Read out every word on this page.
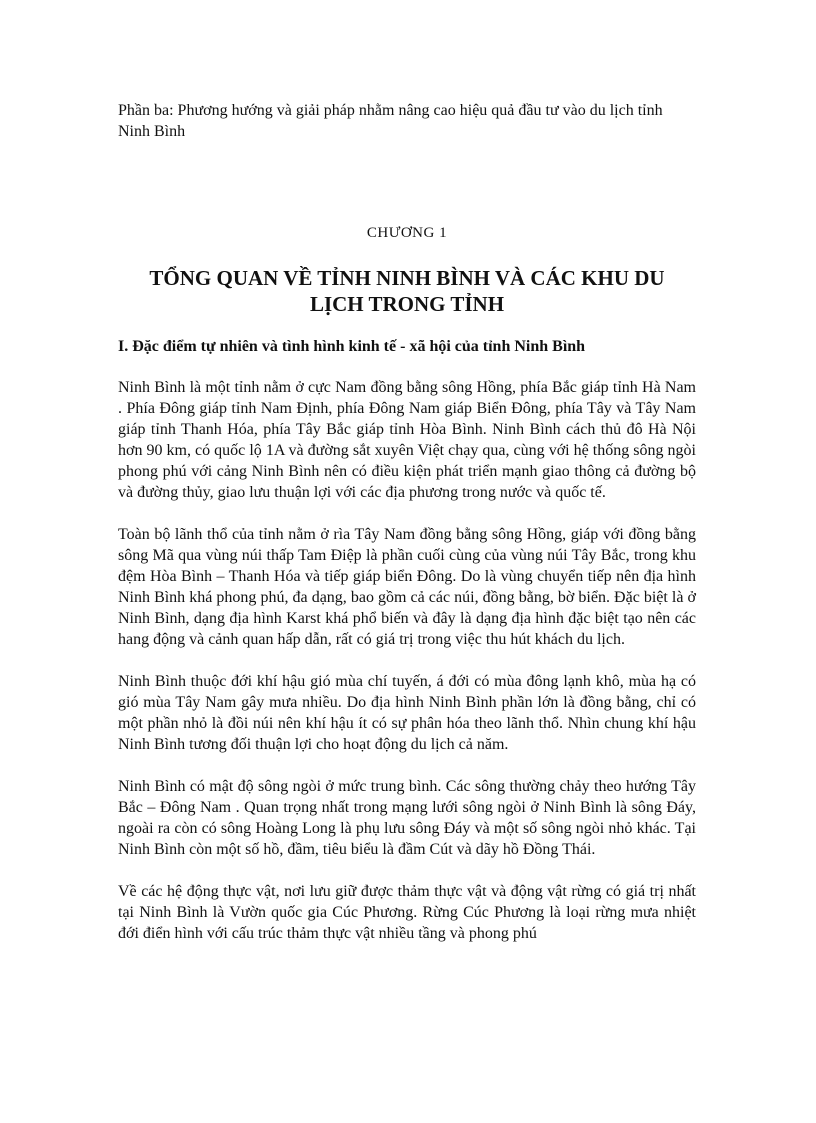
Phần ba: Phương hướng và giải pháp nhằm nâng cao hiệu quả đầu tư vào du lịch tỉnh Ninh Bình

CHƯƠNG 1
TỔNG QUAN VỀ TỈNH NINH BÌNH VÀ CÁC KHU DU LỊCH TRONG TỈNH
I. Đặc điểm tự nhiên và tình hình kinh tế - xã hội của tỉnh Ninh Bình

Ninh Bình là một tỉnh nằm ở cực Nam đồng bằng sông Hồng, phía Bắc giáp tỉnh Hà Nam . Phía Đông giáp tỉnh Nam Định, phía Đông Nam giáp Biển Đông, phía Tây và Tây Nam giáp tỉnh Thanh Hóa, phía Tây Bắc giáp tỉnh Hòa Bình. Ninh Bình cách thủ đô Hà Nội hơn 90 km, có quốc lộ 1A và đường sắt xuyên Việt chạy qua, cùng với hệ thống sông ngòi phong phú với cảng Ninh Bình nên có điều kiện phát triển mạnh giao thông cả đường bộ và đường thủy, giao lưu thuận lợi với các địa phương trong nước và quốc tế.

Toàn bộ lãnh thổ của tỉnh nằm ở rìa Tây Nam đồng bằng sông Hồng, giáp với đồng bằng sông Mã qua vùng núi thấp Tam Điệp là phần cuối cùng của vùng núi Tây Bắc, trong khu đệm Hòa Bình – Thanh Hóa và tiếp giáp biển Đông. Do là vùng chuyển tiếp nên địa hình Ninh Bình khá phong phú, đa dạng, bao gồm cả các núi, đồng bằng, bờ biển. Đặc biệt là ở Ninh Bình, dạng địa hình Karst khá phổ biến và đây là dạng địa hình đặc biệt tạo nên các hang động và cảnh quan hấp dẫn, rất có giá trị trong việc thu hút khách du lịch.

Ninh Bình thuộc đới khí hậu gió mùa chí tuyến, á đới có mùa đông lạnh khô, mùa hạ có gió mùa Tây Nam gây mưa nhiều. Do địa hình Ninh Bình phần lớn là đồng bằng, chỉ có một phần nhỏ là đồi núi nên khí hậu ít có sự phân hóa theo lãnh thổ. Nhìn chung khí hậu Ninh Bình tương đối thuận lợi cho hoạt động du lịch cả năm.

Ninh Bình có mật độ sông ngòi ở mức trung bình. Các sông thường chảy theo hướng Tây Bắc – Đông Nam . Quan trọng nhất trong mạng lưới sông ngòi ở Ninh Bình là sông Đáy, ngoài ra còn có sông Hoàng Long là phụ lưu sông Đáy và một số sông ngòi nhỏ khác. Tại Ninh Bình còn một số hồ, đầm, tiêu biểu là đầm Cút và dãy hồ Đồng Thái.

Về các hệ động thực vật, nơi lưu giữ được thảm thực vật và động vật rừng có giá trị nhất tại Ninh Bình là Vườn quốc gia Cúc Phương. Rừng Cúc Phương là loại rừng mưa nhiệt đới điển hình với cấu trúc thảm thực vật nhiều tầng và phong phú
